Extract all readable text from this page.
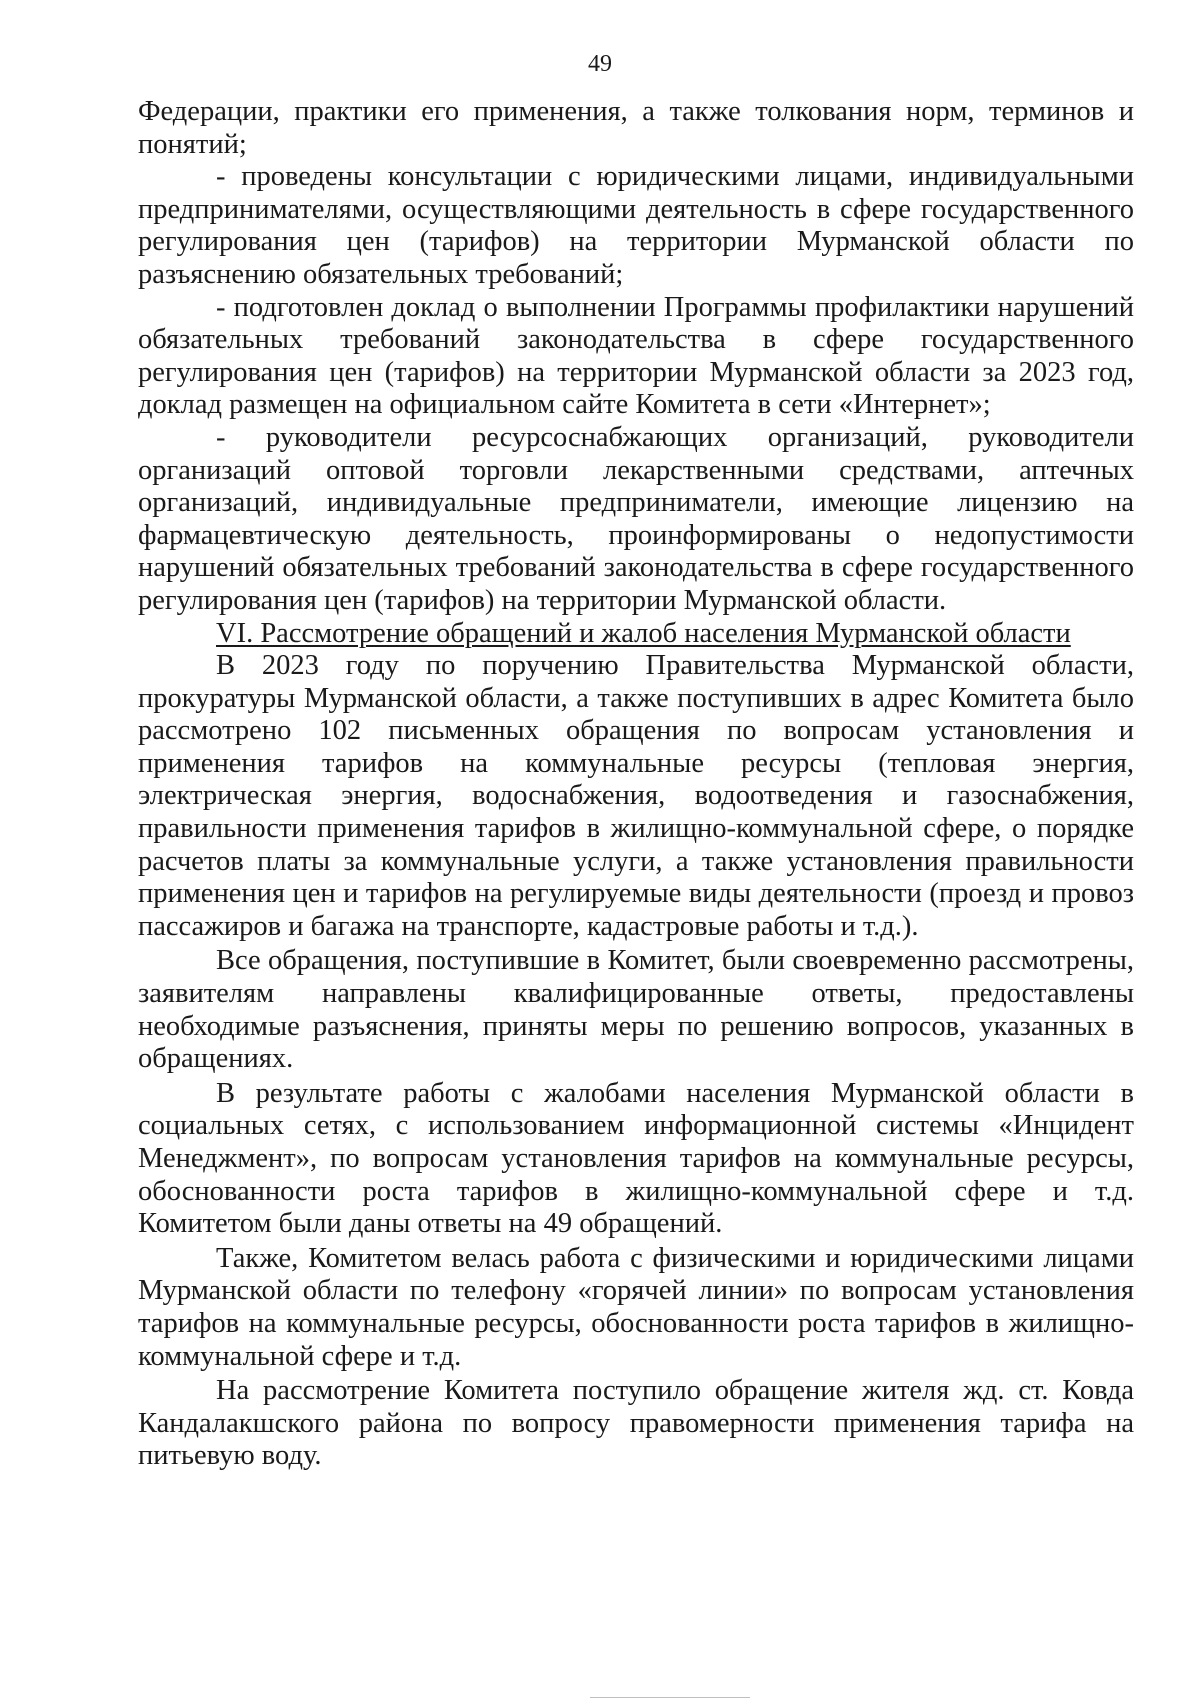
49

Федерации, практики его применения, а также толкования норм, терминов и понятий;

- проведены консультации с юридическими лицами, индивидуальными предпринимателями, осуществляющими деятельность в сфере государственного регулирования цен (тарифов) на территории Мурманской области по разъяснению обязательных требований;

- подготовлен доклад о выполнении Программы профилактики нарушений обязательных требований законодательства в сфере государственного регулирования цен (тарифов) на территории Мурманской области за 2023 год, доклад размещен на официальном сайте Комитета в сети «Интернет»;

- руководители ресурсоснабжающих организаций, руководители организаций оптовой торговли лекарственными средствами, аптечных организаций, индивидуальные предприниматели, имеющие лицензию на фармацевтическую деятельность, проинформированы о недопустимости нарушений обязательных требований законодательства в сфере государственного регулирования цен (тарифов) на территории Мурманской области.

VI. Рассмотрение обращений и жалоб населения Мурманской области

В 2023 году по поручению Правительства Мурманской области, прокуратуры Мурманской области, а также поступивших в адрес Комитета было рассмотрено 102 письменных обращения по вопросам установления и применения тарифов на коммунальные ресурсы (тепловая энергия, электрическая энергия, водоснабжения, водоотведения и газоснабжения, правильности применения тарифов в жилищно-коммунальной сфере, о порядке расчетов платы за коммунальные услуги, а также установления правильности применения цен и тарифов на регулируемые виды деятельности (проезд и провоз пассажиров и багажа на транспорте, кадастровые работы и т.д.).

Все обращения, поступившие в Комитет, были своевременно рассмотрены, заявителям направлены квалифицированные ответы, предоставлены необходимые разъяснения, приняты меры по решению вопросов, указанных в обращениях.

В результате работы с жалобами населения Мурманской области в социальных сетях, с использованием информационной системы «Инцидент Менеджмент», по вопросам установления тарифов на коммунальные ресурсы, обоснованности роста тарифов в жилищно-коммунальной сфере и т.д. Комитетом были даны ответы на 49 обращений.

Также, Комитетом велась работа с физическими и юридическими лицами Мурманской области по телефону «горячей линии» по вопросам установления тарифов на коммунальные ресурсы, обоснованности роста тарифов в жилищно-коммунальной сфере и т.д.

На рассмотрение Комитета поступило обращение жителя жд. ст. Ковда Кандалакшского района по вопросу правомерности применения тарифа на питьевую воду.
